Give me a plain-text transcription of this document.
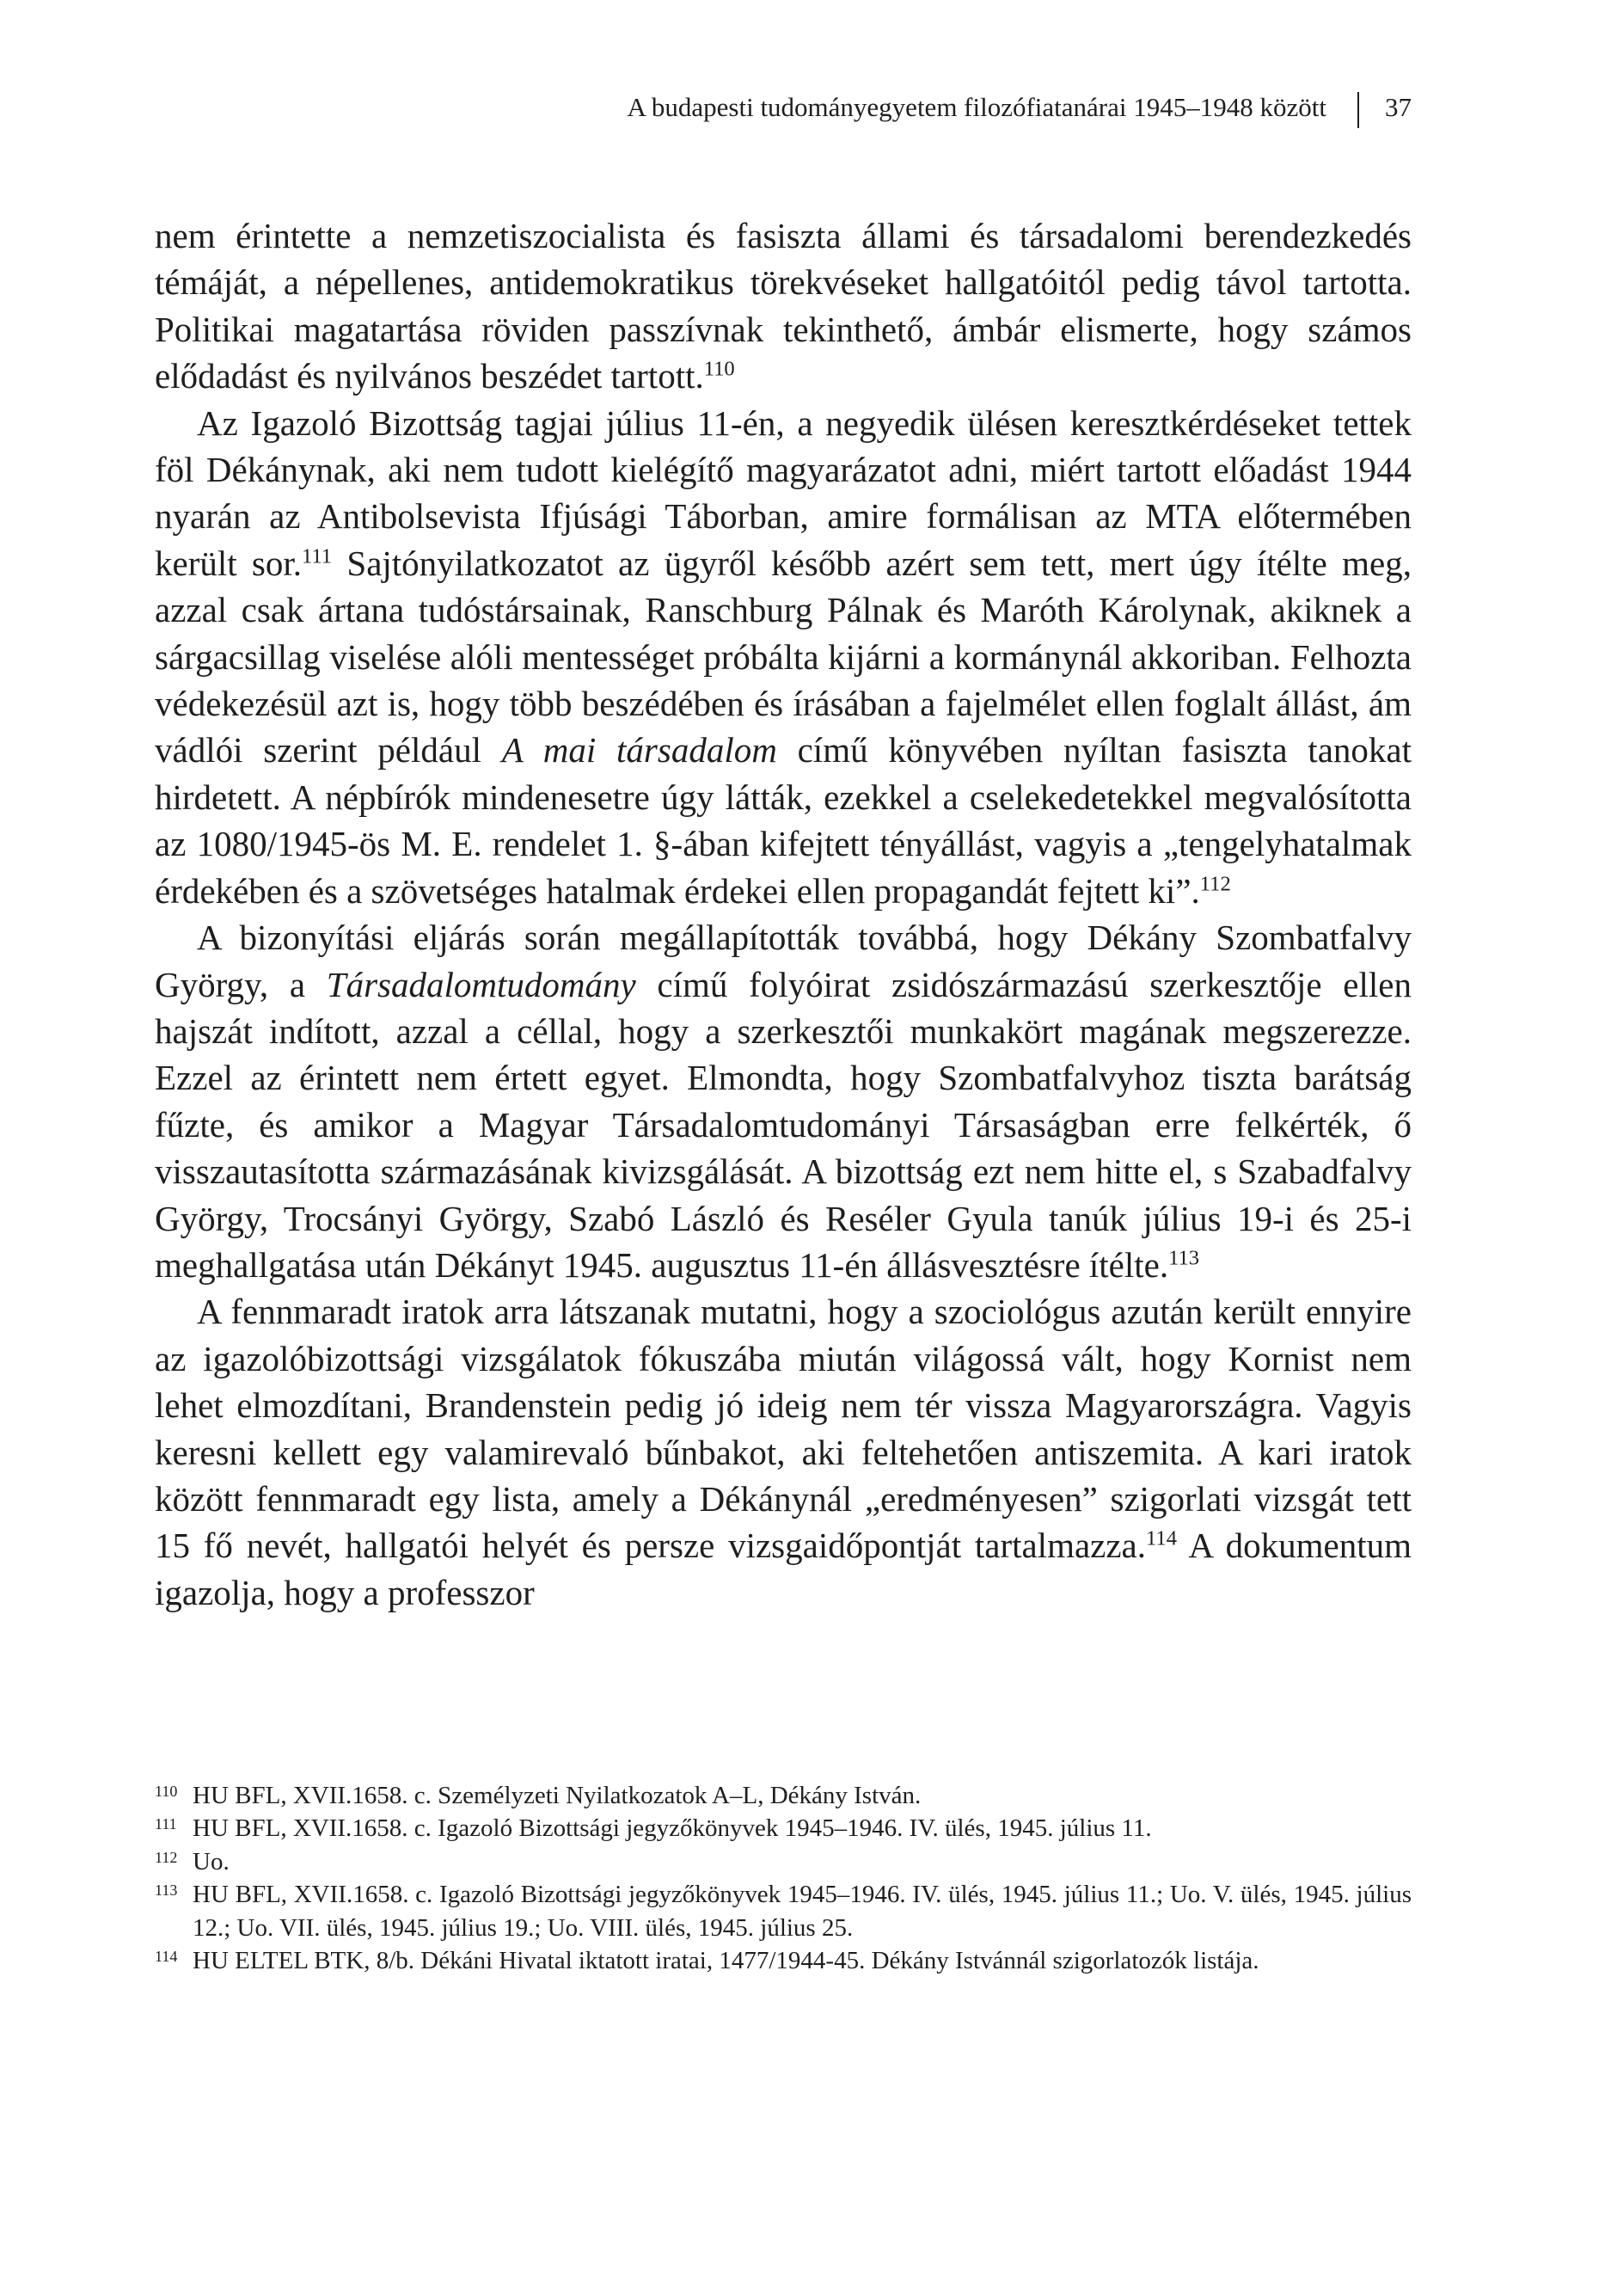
A budapesti tudományegyetem filozófiatanárai 1945–1948 között 37

nem érintette a nemzetiszocialista és fasiszta állami és társadalomi berendezkedés témáját, a népellenes, antidemokratikus törekvéseket hallgatóitól pedig távol tartotta. Politikai magatartása röviden passzívnak tekinthető, ámbár elismerte, hogy számos elődadást és nyilvános beszédet tartott.$^{110}$

Az Igazoló Bizottság tagjai július 11-én, a negyedik ülésen keresztkérdéseket tettek föl Dékánynak, aki nem tudott kielégítő magyarázatot adni, miért tartott előadást 1944 nyarán az Antibolsevista Ifjúsági Táborban, amire formálisan az MTA előtermében került sor.$^{111}$ Sajtónyilatkozatot az ügyről később azért sem tett, mert úgy ítélte meg, azzal csak ártana tudóstársainak, Ranschburg Pálnak és Maróth Károlynak, akiknek a sárgacsillag viselése alóli mentességet próbálta kijárni a kormánynál akkoriban. Felhozta védekezésül azt is, hogy több beszédében és írásában a fajelmélet ellen foglalt állást, ám vádlói szerint például A mai társadalom című könyvében nyíltan fasiszta tanokat hirdetett. A népbírók mindenesetre úgy látták, ezekkel a cselekedetekkel megvalósította az 1080/1945-ös M. E. rendelet 1. §-ában kifejtett tényállást, vagyis a „tengelyhatalmak érdekében és a szövetséges hatalmak érdekei ellen propagandát fejtett ki”.$^{112}$

A bizonyítási eljárás során megállapították továbbá, hogy Dékány Szombatfalvy György, a Társadalomtudomány című folyóirat zsidószármazású szerkesztője ellen hajszát indított, azzal a céllal, hogy a szerkesztői munkakört magának megszerezze. Ezzel az érintett nem értett egyet. Elmondta, hogy Szombatfalvyhoz tiszta barátság fűzte, és amikor a Magyar Társadalomtudományi Társaságban erre felkérték, ő visszautasította származásának kivizsgálását. A bizottság ezt nem hitte el, s Szabadfalvy György, Trocsányi György, Szabó László és Reséler Gyula tanúk július 19-i és 25-i meghallgatása után Dékányt 1945. augusztus 11-én állásvesztésre ítélte.$^{113}$

A fennmaradt iratok arra látszanak mutatni, hogy a szociológus azután került ennyire az igazolóbizottsági vizsgálatok fókuszába miután világossá vált, hogy Kornist nem lehet elmozdítani, Brandenstein pedig jó ideig nem tér vissza Magyarországra. Vagyis keresni kellett egy valamirevaló bűnbakot, aki feltehetően antiszemita. A kari iratok között fennmaradt egy lista, amely a Dékánynál „eredményesen” szigorlati vizsgát tett 15 fő nevét, hallgatói helyét és persze vizsgaidőpontját tartalmazza.$^{114}$ A dokumentum igazolja, hogy a professzor

110 HU BFL, XVII.1658. c. Személyzeti Nyilatkozatok A–L, Dékány István.
111 HU BFL, XVII.1658. c. Igazoló Bizottsági jegyzőkönyvek 1945–1946. IV. ülés, 1945. július 11.
112 Uo.
113 HU BFL, XVII.1658. c. Igazoló Bizottsági jegyzőkönyvek 1945–1946. IV. ülés, 1945. július 11.; Uo. V. ülés, 1945. július 12.; Uo. VII. ülés, 1945. július 19.; Uo. VIII. ülés, 1945. július 25.
114 HU ELTEL BTK, 8/b. Dékáni Hivatal iktatott iratai, 1477/1944-45. Dékány Istvánnál szigorlatozók listája.
